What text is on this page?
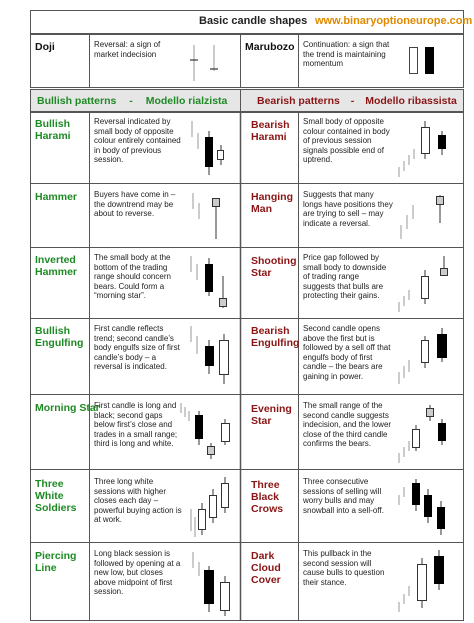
Basic candle shapes www.binaryoptioneurope.com
Doji	Reversal: a sign of market indecision
Marubozo Continuation: a sign that the trend is maintaining momentum
Bullish patterns - Modello rialzista	Bearish patterns - Modello ribassista
Bullish Harami
Reversal indicated by small body of opposite colour entirely contained in body of previous session.
Hammer Buyers have come in – the downtrend may be about to reverse.
Inverted Hammer
The small body at the bottom of the trading range should concern bears. Could form a “morning star”.
Bullish Engulfing
First candle reflects trend; second candle’s body engulfs size of first candle’s body – a reversal is indicated.
Morning Star
First candle is long and black; second gaps below first’s close and trades in a small range; third is long and white.
Three White Soldiers
Three long white sessions with higher closes each day –powerful buying action is at work.
Piercing Line
Long black session is followed by opening at a new low, but closes above midpoint of first session.
Bearish Harami
Small body of opposite colour contained in body of previous session signals possible end of uptrend.
Hanging Man
Suggests that many longs have positions they are trying to sell – may indicate a reversal.
Shooting Star
Price gap followed by small body to downside of trading range suggests that bulls are protecting their gains.
Bearish Engulfing
Second candle opens above the first but is followed by a sell off that engulfs body of first candle – the bears are gaining in power.
Evening Star
The small range of the second candle suggests indecision, and the lower close of the third candle confirms the bears.
Three Black Crows
Three consecutive sessions of selling will worry bulls and may snowball into a sell-off.
Dark Cloud Cover
This pullback in the second session will cause bulls to question their stance.
